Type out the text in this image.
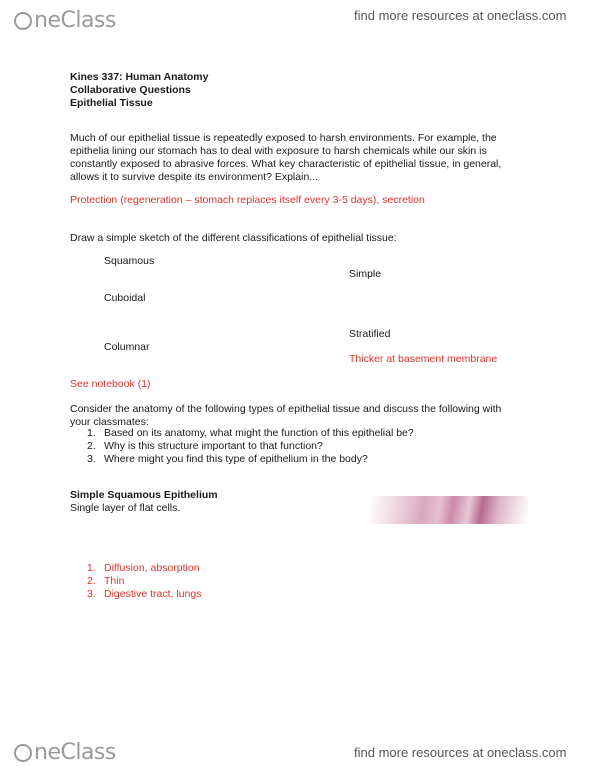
neClass	find more resources at oneclass.com
Kines 337: Human Anatomy
Collaborative Questions
Epithelial Tissue
Much of our epithelial tissue is repeatedly exposed to harsh environments. For example, the
epithelia lining our stomach has to deal with exposure to harsh chemicals while our skin is
constantly exposed to abrasive forces. What key characteristic of epithelial tissue, in general,
allows it to survive despite its environment? Explain...
Protection (regeneration – stomach replaces itself every 3-5 days), secretion
Draw a simple sketch of the different classifications of epithelial tissue:
Squamous
Simple
Cuboidal
Stratified
Columnar
Thicker at basement membrane
See notebook (1)
Consider the anatomy of the following types of epithelial tissue and discuss the following with
your classmates:
1. Based on its anatomy, what might the function of this epithelial be?
2. Why is this structure important to that function?
3. Where might you find this type of epithelium in the body?
Simple Squamous Epithelium
Single layer of flat cells.
1. Diffusion, absorption
2. Thin
3. Digestive tract, lungs
neClass	find more resources at oneclass.com
